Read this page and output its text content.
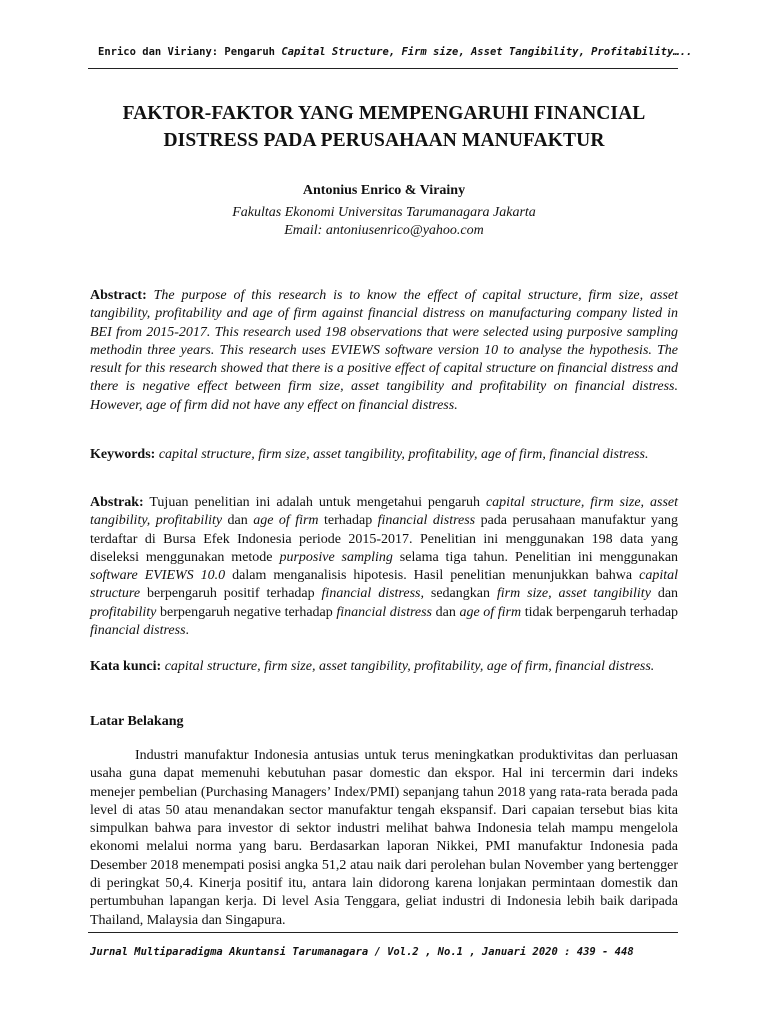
Enrico dan Viriany: Pengaruh Capital Structure, Firm size, Asset Tangibility, Profitability…..
FAKTOR-FAKTOR YANG MEMPENGARUHI FINANCIAL
DISTRESS PADA PERUSAHAAN MANUFAKTUR
Antonius Enrico & Virainy
Fakultas Ekonomi Universitas Tarumanagara Jakarta
Email: antoniusenrico@yahoo.com
Abstract: The purpose of this research is to know the effect of capital structure, firm size, asset tangibility, profitability and age of firm against financial distress on manufacturing company listed in BEI from 2015-2017. This research used 198 observations that were selected using purposive sampling methodin three years. This research uses EVIEWS software version 10 to analyse the hypothesis. The result for this research showed that there is a positive effect of capital structure on financial distress and there is negative effect between firm size, asset tangibility and profitability on financial distress. However, age of firm did not have any effect on financial distress.
Keywords: capital structure, firm size, asset tangibility, profitability, age of firm, financial distress.
Abstrak: Tujuan penelitian ini adalah untuk mengetahui pengaruh capital structure, firm size, asset tangibility, profitability dan age of firm terhadap financial distress pada perusahaan manufaktur yang terdaftar di Bursa Efek Indonesia periode 2015-2017. Penelitian ini menggunakan 198 data yang diseleksi menggunakan metode purposive sampling selama tiga tahun. Penelitian ini menggunakan software EVIEWS 10.0 dalam menganalisis hipotesis. Hasil penelitian menunjukkan bahwa capital structure berpengaruh positif terhadap financial distress, sedangkan firm size, asset tangibility dan profitability berpengaruh negative terhadap financial distress dan age of firm tidak berpengaruh terhadap financial distress.
Kata kunci: capital structure, firm size, asset tangibility, profitability, age of firm, financial distress.
Latar Belakang
Industri manufaktur Indonesia antusias untuk terus meningkatkan produktivitas dan perluasan usaha guna dapat memenuhi kebutuhan pasar domestic dan ekspor. Hal ini tercermin dari indeks menejer pembelian (Purchasing Managers’ Index/PMI) sepanjang tahun 2018 yang rata-rata berada pada level di atas 50 atau menandakan sector manufaktur tengah ekspansif. Dari capaian tersebut bias kita simpulkan bahwa para investor di sektor industri melihat bahwa Indonesia telah mampu mengelola ekonomi melalui norma yang baru. Berdasarkan laporan Nikkei, PMI manufaktur Indonesia pada Desember 2018 menempati posisi angka 51,2 atau naik dari perolehan bulan November yang bertengger di peringkat 50,4. Kinerja positif itu, antara lain didorong karena lonjakan permintaan domestik dan pertumbuhan lapangan kerja. Di level Asia Tenggara, geliat industri di Indonesia lebih baik daripada Thailand, Malaysia dan Singapura.
Jurnal Multiparadigma Akuntansi Tarumanagara / Vol.2 , No.1 , Januari 2020 : 439 - 448
